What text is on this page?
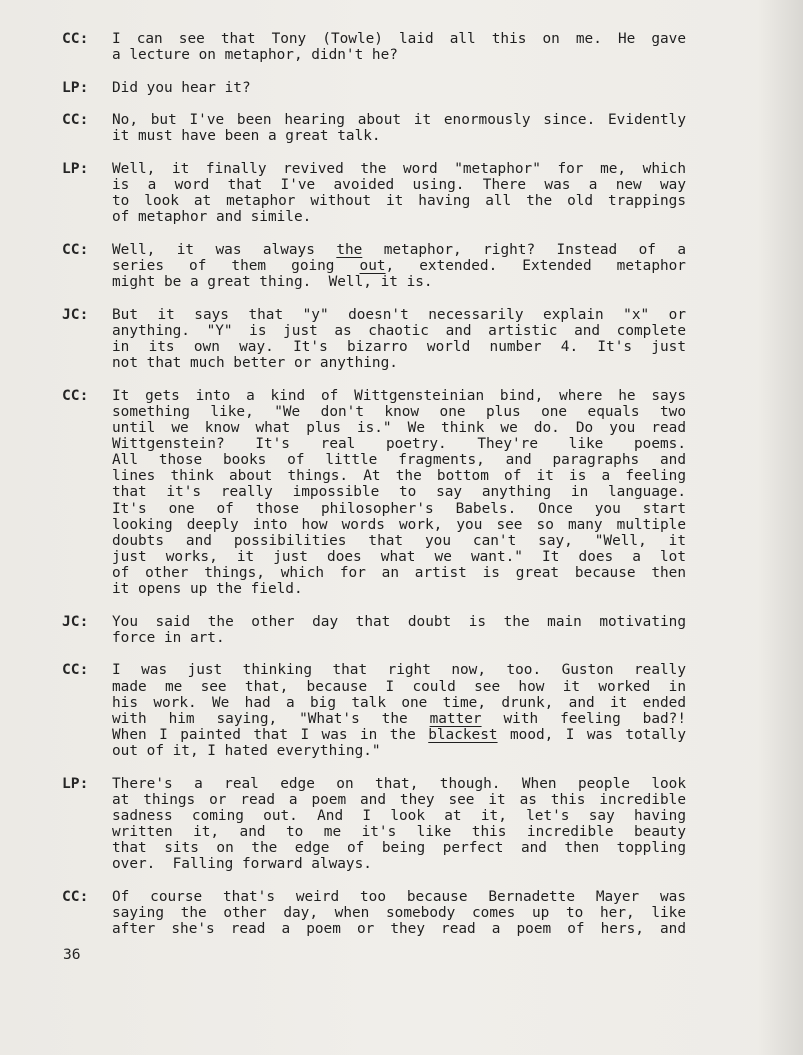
CC: I can see that Tony (Towle) laid all this on me. He gave
a lecture on metaphor, didn't he?
LP: Did you hear it?
CC: No, but I've been hearing about it enormously since. Evidently
it must have been a great talk.
LP: Well, it finally revived the word "metaphor" for me, which
is a word that I've avoided using. There was a new way
to look at metaphor without it having all the old trappings
of metaphor and simile.
CC: Well, it was always the metaphor, right? Instead of a
series of them going out, extended. Extended metaphor
might be a great thing.  Well, it is.
JC: But it says that "y" doesn't necessarily explain "x" or
anything. "Y" is just as chaotic and artistic and complete
in its own way. It's bizarro world number 4. It's just
not that much better or anything.
CC: It gets into a kind of Wittgensteinian bind, where he says
something like, "We don't know one plus one equals two
until we know what plus is." We think we do. Do you read
Wittgenstein? It's real poetry. They're like poems.
All those books of little fragments, and paragraphs and
lines think about things. At the bottom of it is a feeling
that it's really impossible to say anything in language.
It's one of those philosopher's Babels. Once you start
looking deeply into how words work, you see so many multiple
doubts and possibilities that you can't say, "Well, it
just works, it just does what we want." It does a lot
of other things, which for an artist is great because then
it opens up the field.
JC: You said the other day that doubt is the main motivating
force in art.
CC: I was just thinking that right now, too. Guston really
made me see that, because I could see how it worked in
his work. We had a big talk one time, drunk, and it ended
with him saying, "What's the matter with feeling bad?!
When I painted that I was in the blackest mood, I was totally
out of it, I hated everything."
LP: There's a real edge on that, though. When people look
at things or read a poem and they see it as this incredible
sadness coming out. And I look at it, let's say having
written it, and to me it's like this incredible beauty
that sits on the edge of being perfect and then toppling
over.  Falling forward always.
CC: Of course that's weird too because Bernadette Mayer was
saying the other day, when somebody comes up to her, like
after she's read a poem or they read a poem of hers, and
36
